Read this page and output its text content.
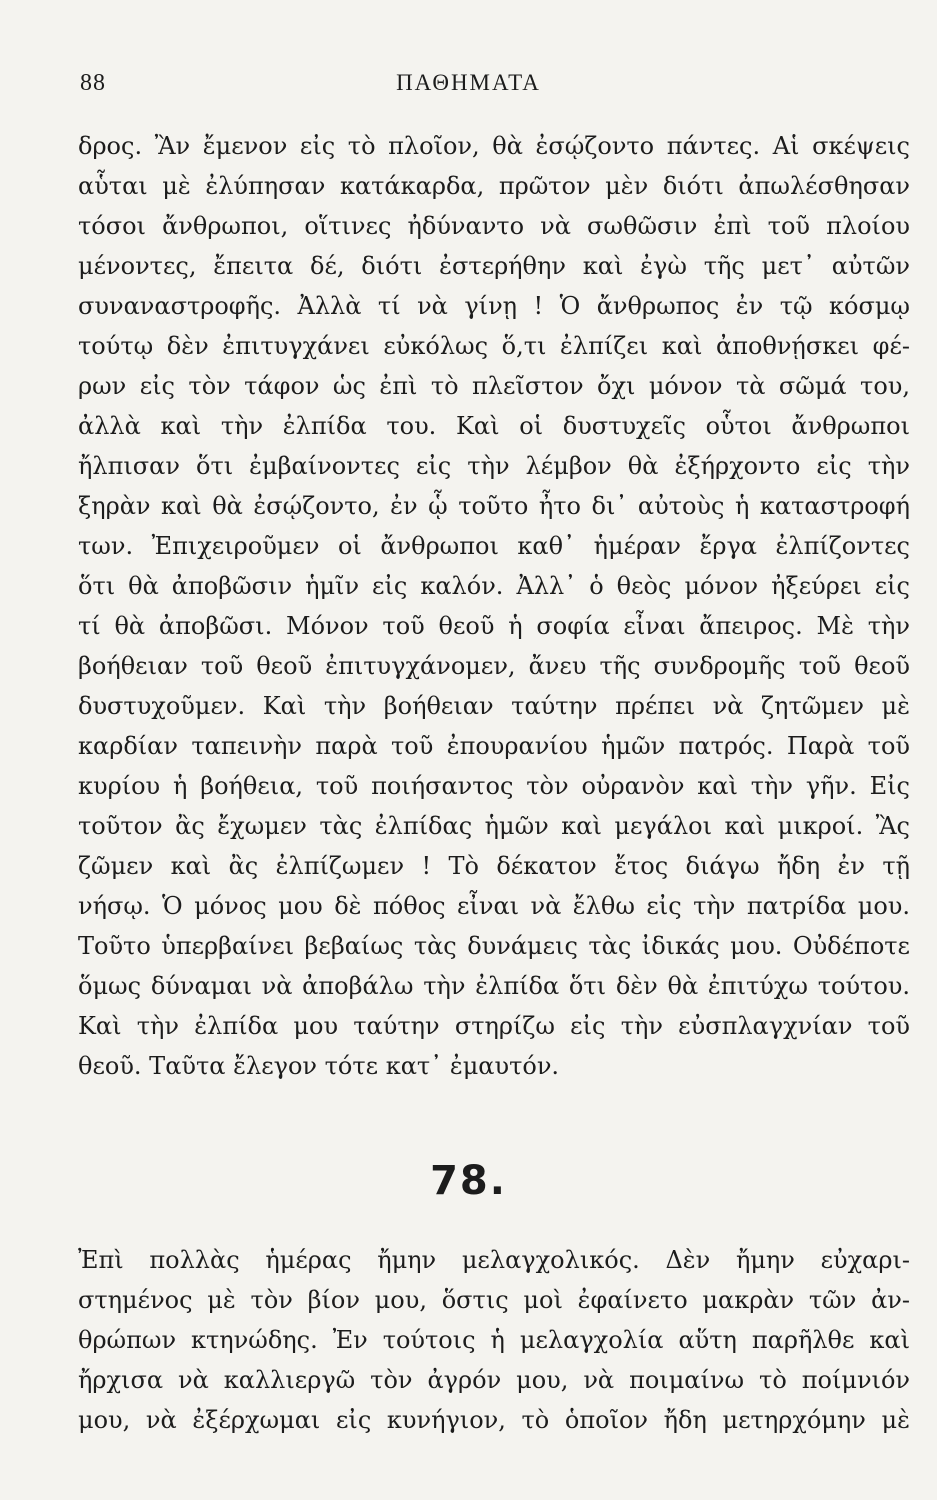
88	ΠΑΘΗΜΑΤΑ
δρος. Ἂν ἔμενον εἰς τὸ πλοῖον, θὰ ἐσῴζοντο πάντες. Αἱ σκέψεις
αὗται μὲ ἐλύπησαν κατάκαρδα, πρῶτον μὲν διότι ἀπωλέσθησαν
τόσοι ἄνθρωποι, οἵτινες ἠδύναντο νὰ σωθῶσιν ἐπὶ τοῦ πλοίου
μένοντες, ἔπειτα δέ, διότι ἐστερήθην καὶ ἐγὼ τῆς μετ᾽ αὐτῶν
συναναστροφῆς. Ἀλλὰ τί νὰ γίνῃ ! Ὁ ἄνθρωπος ἐν τῷ κόσμῳ
τούτῳ δὲν ἐπιτυγχάνει εὐκόλως ὅ,τι ἐλπίζει καὶ ἀποθνῄσκει φέ-
ρων εἰς τὸν τάφον ὡς ἐπὶ τὸ πλεῖστον ὄχι μόνον τὰ σῶμά του,
ἀλλὰ καὶ τὴν ἐλπίδα του. Καὶ οἱ δυστυχεῖς οὗτοι ἄνθρωποι
ἤλπισαν ὅτι ἐμβαίνοντες εἰς τὴν λέμβον θὰ ἐξήρχοντο εἰς τὴν
ξηρὰν καὶ θὰ ἐσῴζοντο, ἐν ᾧ τοῦτο ἦτο δι᾽ αὐτοὺς ἡ καταστροφή
των. Ἐπιχειροῦμεν οἱ ἄνθρωποι καθ᾽ ἡμέραν ἔργα ἐλπίζοντες
ὅτι θὰ ἀποβῶσιν ἡμῖν εἰς καλόν. Ἀλλ᾽ ὁ θεὸς μόνον ἠξεύρει εἰς
τί θὰ ἀποβῶσι. Μόνον τοῦ θεοῦ ἡ σοφία εἶναι ἄπειρος. Μὲ τὴν
βοήθειαν τοῦ θεοῦ ἐπιτυγχάνομεν, ἄνευ τῆς συνδρομῆς τοῦ θεοῦ
δυστυχοῦμεν. Καὶ τὴν βοήθειαν ταύτην πρέπει νὰ ζητῶμεν μὲ
καρδίαν ταπεινὴν παρὰ τοῦ ἐπουρανίου ἡμῶν πατρός. Παρὰ τοῦ
κυρίου ἡ βοήθεια, τοῦ ποιήσαντος τὸν οὐρανὸν καὶ τὴν γῆν. Εἰς
τοῦτον ἂς ἔχωμεν τὰς ἐλπίδας ἡμῶν καὶ μεγάλοι καὶ μικροί. Ἂς
ζῶμεν καὶ ἂς ἐλπίζωμεν ! Τὸ δέκατον ἔτος διάγω ἤδη ἐν τῇ
νήσῳ. Ὁ μόνος μου δὲ πόθος εἶναι νὰ ἔλθω εἰς τὴν πατρίδα μου.
Τοῦτο ὑπερβαίνει βεβαίως τὰς δυνάμεις τὰς ἰδικάς μου. Οὐδέποτε
ὅμως δύναμαι νὰ ἀποβάλω τὴν ἐλπίδα ὅτι δὲν θὰ ἐπιτύχω τούτου.
Καὶ τὴν ἐλπίδα μου ταύτην στηρίζω εἰς τὴν εὐσπλαγχνίαν τοῦ
θεοῦ. Ταῦτα ἔλεγον τότε κατ᾽ ἐμαυτόν.
78.
Ἐπὶ πολλὰς ἡμέρας ἤμην μελαγχολικός. Δὲν ἤμην εὐχαρι-
στημένος μὲ τὸν βίον μου, ὅστις μοὶ ἐφαίνετο μακρὰν τῶν ἀν-
θρώπων κτηνώδης. Ἐν τούτοις ἡ μελαγχολία αὕτη παρῆλθε καὶ
ἤρχισα νὰ καλλιεργῶ τὸν ἀγρόν μου, νὰ ποιμαίνω τὸ ποίμνιόν
μου, νὰ ἐξέρχωμαι εἰς κυνήγιον, τὸ ὁποῖον ἤδη μετηρχόμην μὲ
